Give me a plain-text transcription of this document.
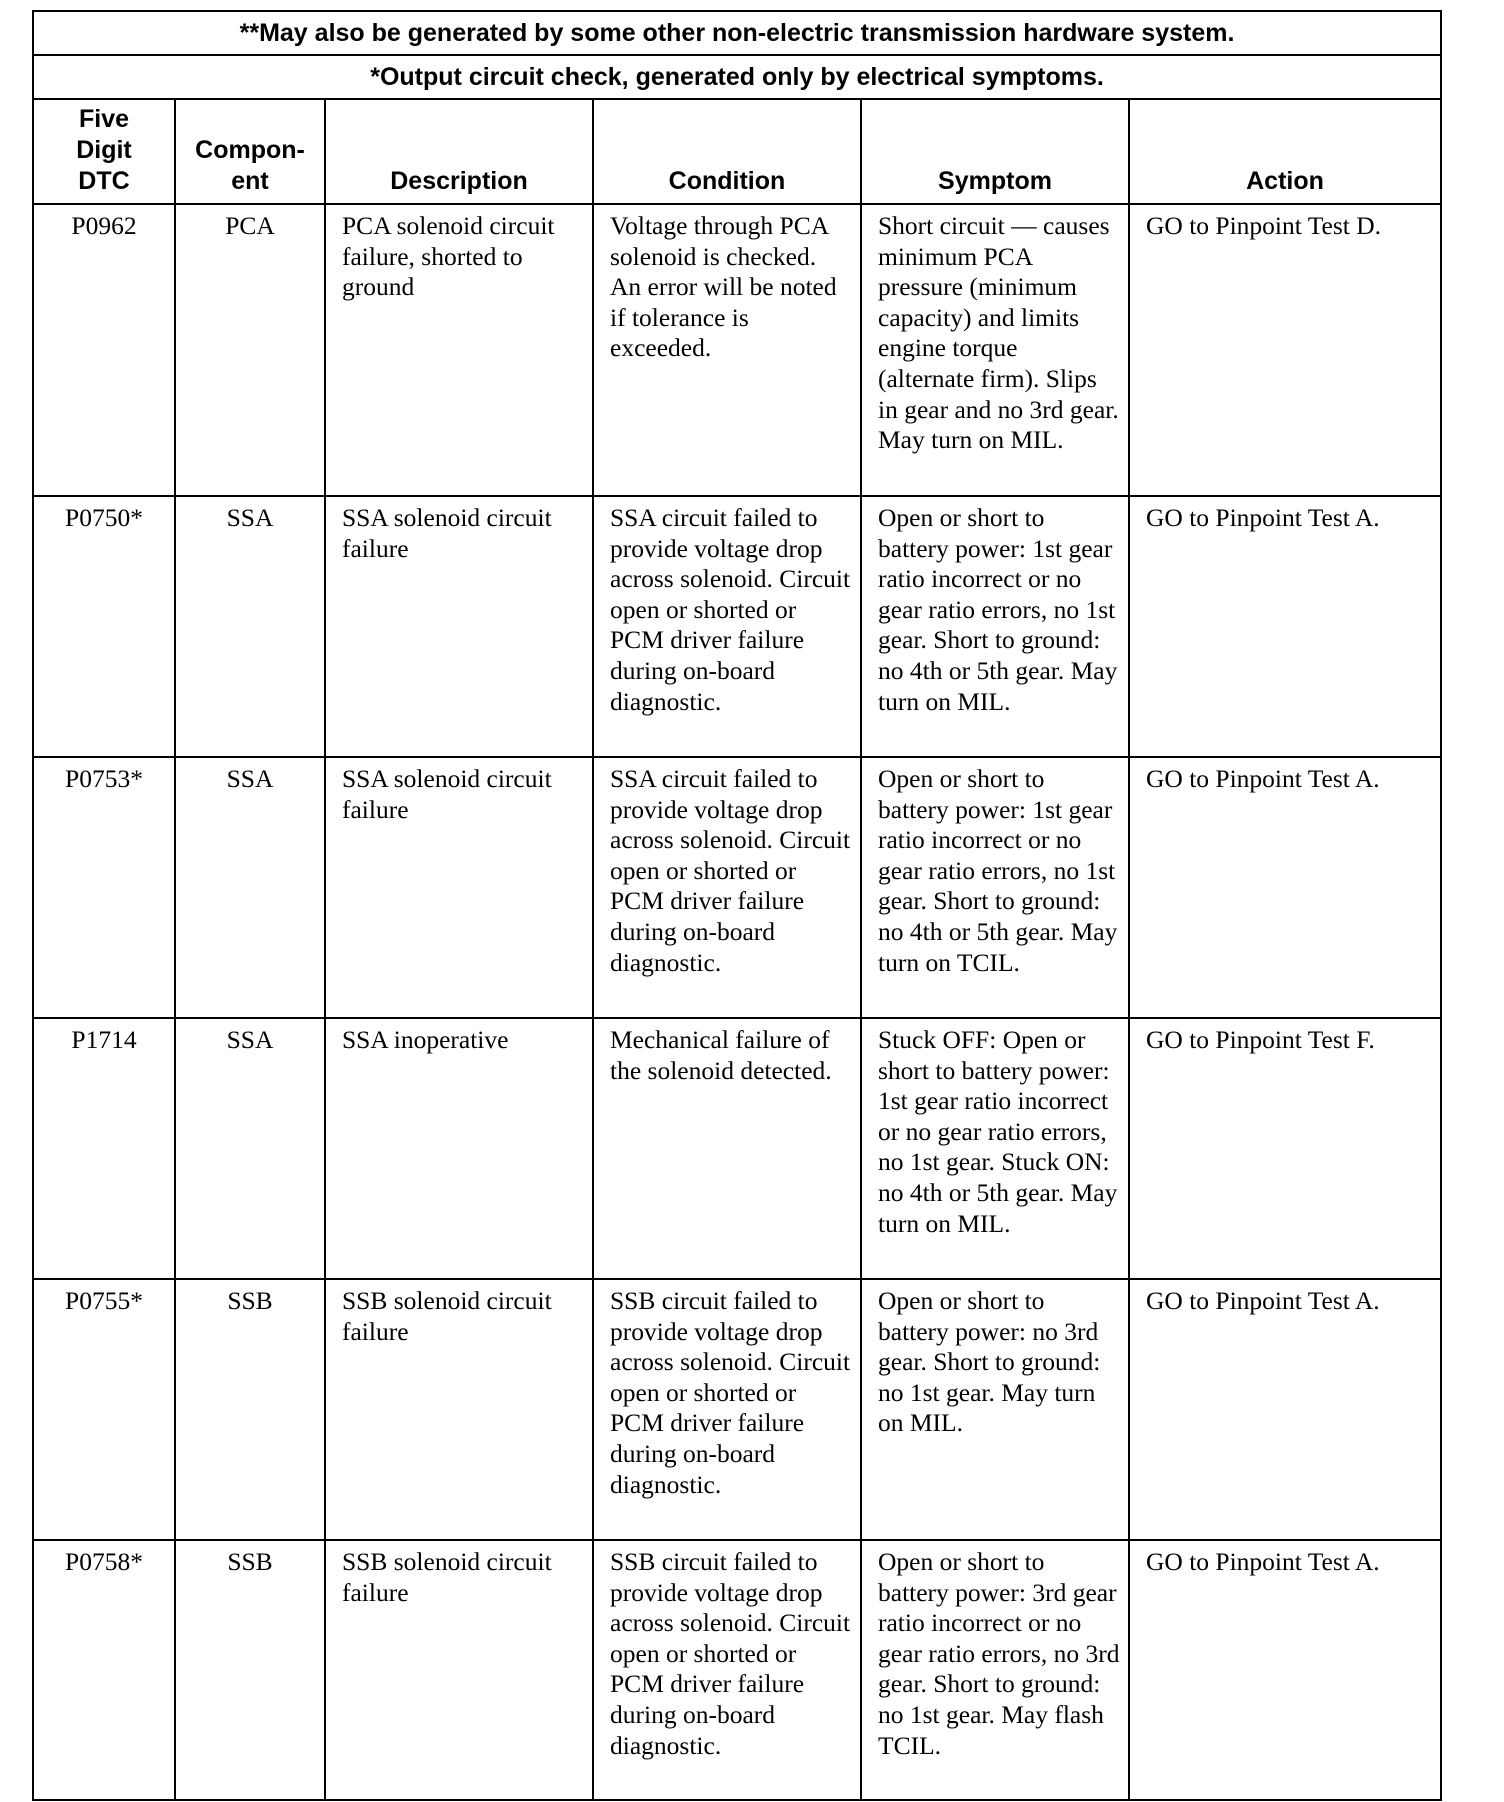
**May also be generated by some other non-electric transmission hardware system.					
*Output circuit check, generated only by electrical symptoms.					
Five
Digit
DTC	Compon-
ent	Description	Condition	Symptom	Action
P0962	PCA	PCA solenoid circuit failure, shorted to ground	Voltage through PCA solenoid is checked. An error will be noted if tolerance is exceeded.	Short circuit — causes minimum PCA pressure (minimum capacity) and limits engine torque (alternate firm). Slips in gear and no 3rd gear. May turn on MIL.	GO to Pinpoint Test D.
P0750*	SSA	SSA solenoid circuit failure	SSA circuit failed to provide voltage drop across solenoid. Circuit open or shorted or PCM driver failure during on-board diagnostic.	Open or short to battery power: 1st gear ratio incorrect or no gear ratio errors, no 1st gear. Short to ground: no 4th or 5th gear. May turn on MIL.	GO to Pinpoint Test A.
P0753*	SSA	SSA solenoid circuit failure	SSA circuit failed to provide voltage drop across solenoid. Circuit open or shorted or PCM driver failure during on-board diagnostic.	Open or short to battery power: 1st gear ratio incorrect or no gear ratio errors, no 1st gear. Short to ground: no 4th or 5th gear. May turn on TCIL.	GO to Pinpoint Test A.
P1714	SSA	SSA inoperative	Mechanical failure of the solenoid detected.	Stuck OFF: Open or short to battery power: 1st gear ratio incorrect or no gear ratio errors, no 1st gear. Stuck ON: no 4th or 5th gear. May turn on MIL.	GO to Pinpoint Test F.
P0755*	SSB	SSB solenoid circuit failure	SSB circuit failed to provide voltage drop across solenoid. Circuit open or shorted or PCM driver failure during on-board diagnostic.	Open or short to battery power: no 3rd gear. Short to ground: no 1st gear. May turn on MIL.	GO to Pinpoint Test A.
P0758*	SSB	SSB solenoid circuit failure	SSB circuit failed to provide voltage drop across solenoid. Circuit open or shorted or PCM driver failure during on-board diagnostic.	Open or short to battery power: 3rd gear ratio incorrect or no gear ratio errors, no 3rd gear. Short to ground: no 1st gear. May flash TCIL.	GO to Pinpoint Test A.
